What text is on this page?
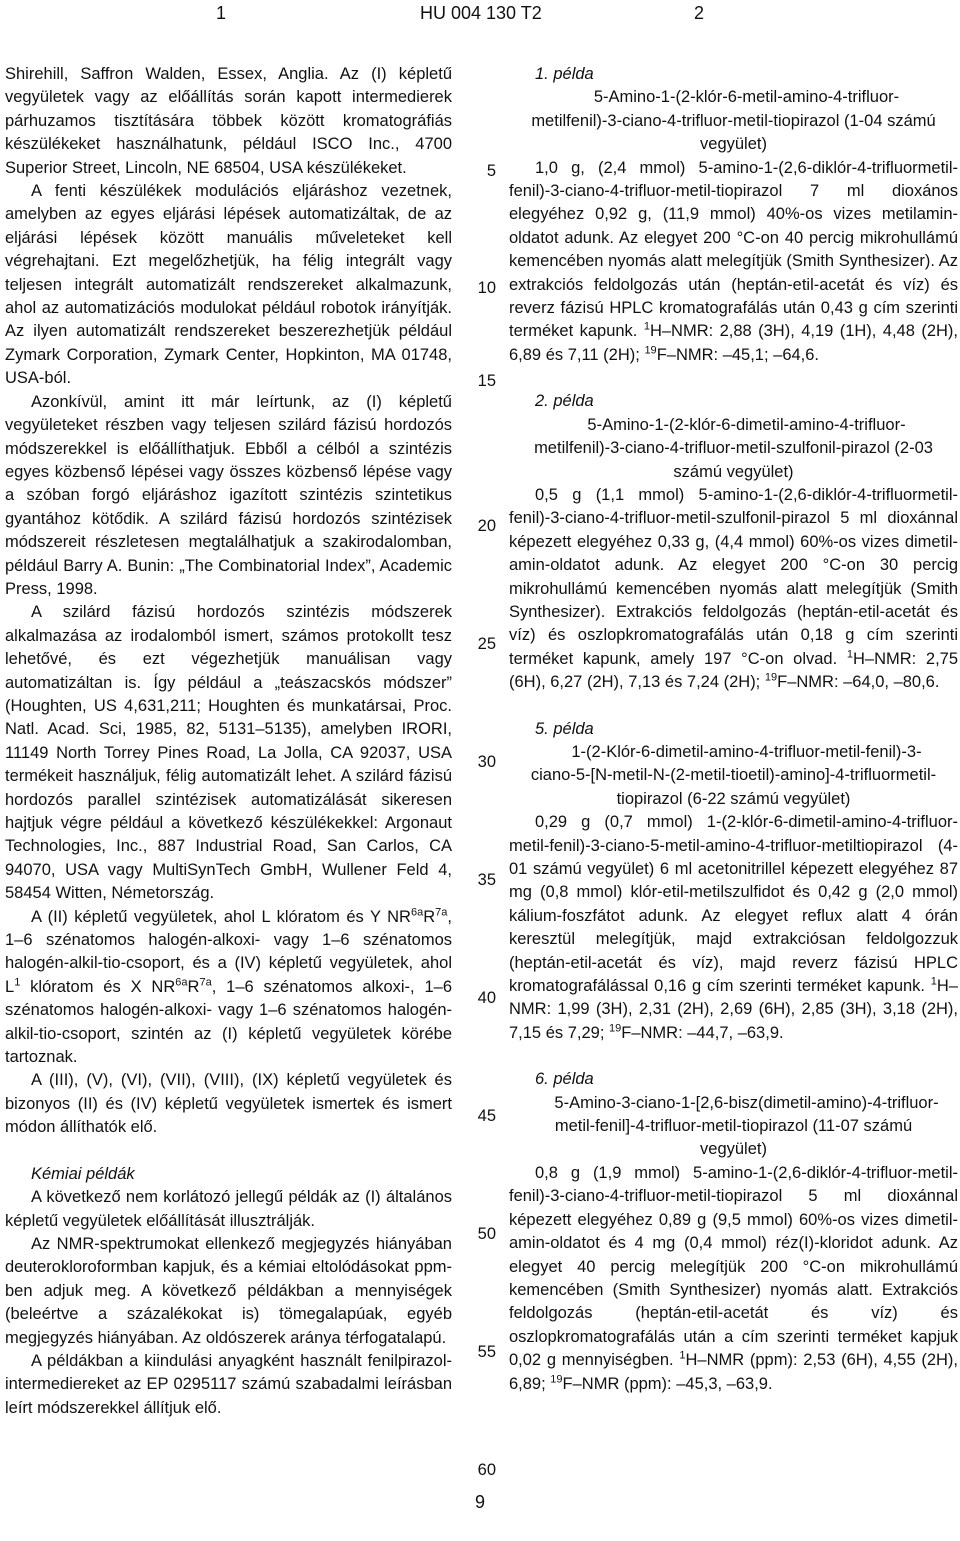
1	HU 004 130 T2	2

Shirehill, Saffron Walden, Essex, Anglia. Az (I) képletű vegyületek vagy az előállítás során kapott intermedierek párhuzamos tisztítására többek között kromatográfiás készülékeket használhatunk, például ISCO Inc., 4700 Superior Street, Lincoln, NE 68504, USA készülékeket.

A fenti készülékek modulációs eljáráshoz vezetnek, amelyben az egyes eljárási lépések automatizáltak, de az eljárási lépések között manuális műveleteket kell végrehajtani. Ezt megelőzhetjük, ha félig integrált vagy teljesen integrált automatizált rendszereket alkalmazunk, ahol az automatizációs modulokat például robotok irányítják. Az ilyen automatizált rendszereket beszerezhetjük például Zymark Corporation, Zymark Center, Hopkinton, MA 01748, USA-ból.

Azonkívül, amint itt már leírtunk, az (I) képletű vegyületeket részben vagy teljesen szilárd fázisú hordozós módszerekkel is előállíthatjuk. Ebből a célból a szintézis egyes közbenső lépései vagy összes közbenső lépése vagy a szóban forgó eljáráshoz igazított szintézis szintetikus gyantához kötődik. A szilárd fázisú hordozós szintézisek módszereit részletesen megtalálhatjuk a szakirodalomban, például Barry A. Bunin: „The Combinatorial Index”, Academic Press, 1998.

A szilárd fázisú hordozós szintézis módszerek alkalmazása az irodalomból ismert, számos protokollt tesz lehetővé, és ezt végezhetjük manuálisan vagy automatizáltan is. Így például a „teászacskós módszer” (Houghten, US 4,631,211; Houghten és munkatársai, Proc. Natl. Acad. Sci, 1985, 82, 5131–5135), amelyben IRORI, 11149 North Torrey Pines Road, La Jolla, CA 92037, USA termékeit használjuk, félig automatizált lehet. A szilárd fázisú hordozós parallel szintézisek automatizálását sikeresen hajtjuk végre például a következő készülékekkel: Argonaut Technologies, Inc., 887 Industrial Road, San Carlos, CA 94070, USA vagy MultiSynTech GmbH, Wullener Feld 4, 58454 Witten, Németország.

A (II) képletű vegyületek, ahol L klóratom és Y $NR^{6a}R^{7a}$, 1–6 szénatomos halogén-alkoxi- vagy 1–6 szénatomos halogén-alkil-tio-csoport, és a (IV) képletű vegyületek, ahol $L^1$ klóratom és X $NR^{6a}R^{7a}$, 1–6 szénatomos alkoxi-, 1–6 szénatomos halogén-alkoxi- vagy 1–6 szénatomos halogén-alkil-tio-csoport, szintén az (I) képletű vegyületek körébe tartoznak.

A (III), (V), (VI), (VII), (VIII), (IX) képletű vegyületek és bizonyos (II) és (IV) képletű vegyületek ismertek és ismert módon állíthatók elő.

Kémiai példák

A következő nem korlátozó jellegű példák az (I) általános képletű vegyületek előállítását illusztrálják.

Az NMR-spektrumokat ellenkező megjegyzés hiányában deuterokloroformban kapjuk, és a kémiai eltolódásokat ppm-ben adjuk meg. A következő példákban a mennyiségek (beleértve a százalékokat is) tömegalapúak, egyéb megjegyzés hiányában. Az oldószerek aránya térfogatalapú.

A példákban a kiindulási anyagként használt fenilpirazol-intermediereket az EP 0295117 számú szabadalmi leírásban leírt módszerekkel állítjuk elő.

5
10
15
20
25
30
35
40
45
50
55
60

1. példa

5-Amino-1-(2-klór-6-metil-amino-4-trifluor-metilfenil)-3-ciano-4-trifluor-metil-tiopirazol (1-04 számú vegyület)

1,0 g, (2,4 mmol) 5-amino-1-(2,6-diklór-4-trifluormetil-fenil)-3-ciano-4-trifluor-metil-tiopirazol 7 ml dioxános elegyéhez 0,92 g, (11,9 mmol) 40%-os vizes metilamin-oldatot adunk. Az elegyet 200 °C-on 40 percig mikrohullámú kemencében nyomás alatt melegítjük (Smith Synthesizer). Az extrakciós feldolgozás után (heptán-etil-acetát és víz) és reverz fázisú HPLC kromatografálás után 0,43 g cím szerinti terméket kapunk. $^1$H–NMR: 2,88 (3H), 4,19 (1H), 4,48 (2H), 6,89 és 7,11 (2H); $^{19}$F–NMR: –45,1; –64,6.

2. példa

5-Amino-1-(2-klór-6-dimetil-amino-4-trifluor-metilfenil)-3-ciano-4-trifluor-metil-szulfonil-pirazol (2-03 számú vegyület)

0,5 g (1,1 mmol) 5-amino-1-(2,6-diklór-4-trifluormetil-fenil)-3-ciano-4-trifluor-metil-szulfonil-pirazol 5 ml dioxánnal képezett elegyéhez 0,33 g, (4,4 mmol) 60%-os vizes dimetil-amin-oldatot adunk. Az elegyet 200 °C-on 30 percig mikrohullámú kemencében nyomás alatt melegítjük (Smith Synthesizer). Extrakciós feldolgozás (heptán-etil-acetát és víz) és oszlopkromatografálás után 0,18 g cím szerinti terméket kapunk, amely 197 °C-on olvad. $^1$H–NMR: 2,75 (6H), 6,27 (2H), 7,13 és 7,24 (2H); $^{19}$F–NMR: –64,0, –80,6.

5. példa

1-(2-Klór-6-dimetil-amino-4-trifluor-metil-fenil)-3-ciano-5-[N-metil-N-(2-metil-tioetil)-amino]-4-trifluormetil-tiopirazol (6-22 számú vegyület)

0,29 g (0,7 mmol) 1-(2-klór-6-dimetil-amino-4-trifluor-metil-fenil)-3-ciano-5-metil-amino-4-trifluor-metiltiopirazol (4-01 számú vegyület) 6 ml acetonitrillel képezett elegyéhez 87 mg (0,8 mmol) klór-etil-metilszulfidot és 0,42 g (2,0 mmol) kálium-foszfátot adunk. Az elegyet reflux alatt 4 órán keresztül melegítjük, majd extrakciósan feldolgozzuk (heptán-etil-acetát és víz), majd reverz fázisú HPLC kromatografálással 0,16 g cím szerinti terméket kapunk. $^1$H–NMR: 1,99 (3H), 2,31 (2H), 2,69 (6H), 2,85 (3H), 3,18 (2H), 7,15 és 7,29; $^{19}$F–NMR: –44,7, –63,9.

6. példa

5-Amino-3-ciano-1-[2,6-bisz(dimetil-amino)-4-trifluor-metil-fenil]-4-trifluor-metil-tiopirazol (11-07 számú vegyület)

0,8 g (1,9 mmol) 5-amino-1-(2,6-diklór-4-trifluor-metil-fenil)-3-ciano-4-trifluor-metil-tiopirazol 5 ml dioxánnal képezett elegyéhez 0,89 g (9,5 mmol) 60%-os vizes dimetil-amin-oldatot és 4 mg (0,4 mmol) réz(I)-kloridot adunk. Az elegyet 40 percig melegítjük 200 °C-on mikrohullámú kemencében (Smith Synthesizer) nyomás alatt. Extrakciós feldolgozás (heptán-etil-acetát és víz) és oszlopkromatografálás után a cím szerinti terméket kapjuk 0,02 g mennyiségben. $^1$H–NMR (ppm): 2,53 (6H), 4,55 (2H), 6,89; $^{19}$F–NMR (ppm): –45,3, –63,9.

9
